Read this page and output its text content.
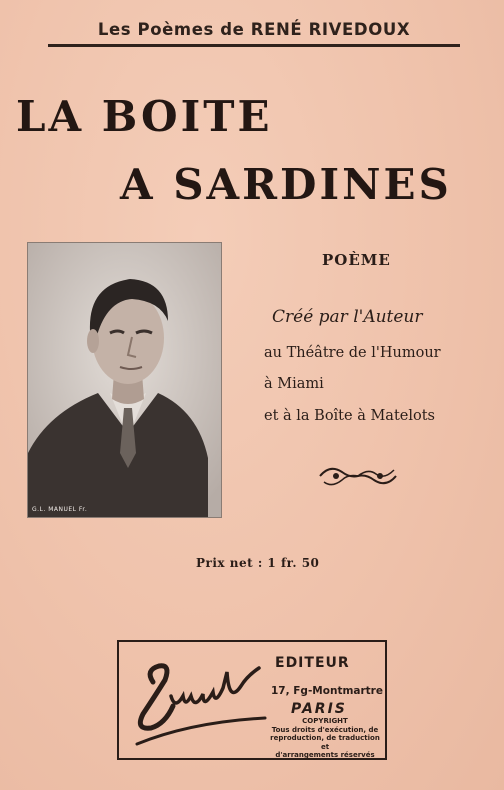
Les Poèmes de RENÉ RIVEDOUX
LA BOITE
A SARDINES
G.L. MANUEL Fr.
POÈME
Créé par l'Auteur
au Théâtre de l'Humour
à Miami
et à la Boîte à Matelots
Prix net : 1 fr. 50
EDITEUR
17, Fg-Montmartre
PARIS
COPYRIGHT
Tous droits d'exécution, de
reproduction, de traduction et
d'arrangements réservés
